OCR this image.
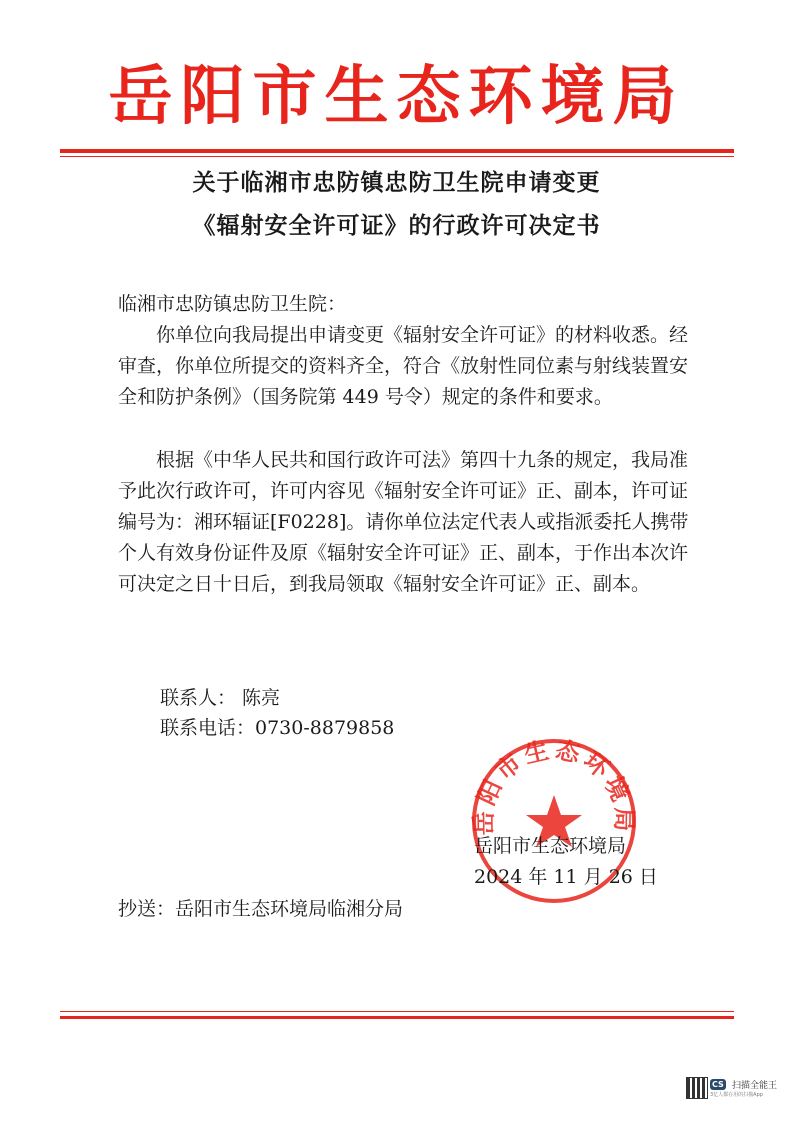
岳阳市生态环境局
关于临湘市忠防镇忠防卫生院申请变更
《辐射安全许可证》的行政许可决定书
临湘市忠防镇忠防卫生院：
你单位向我局提出申请变更《辐射安全许可证》的材料收悉。经审查，你单位所提交的资料齐全，符合《放射性同位素与射线装置安全和防护条例》（国务院第 449 号令）规定的条件和要求。
根据《中华人民共和国行政许可法》第四十九条的规定，我局准予此次行政许可，许可内容见《辐射安全许可证》正、副本，许可证编号为：湘环辐证[F0228]。请你单位法定代表人或指派委托人携带个人有效身份证件及原《辐射安全许可证》正、副本，于作出本次许可决定之日十日后，到我局领取《辐射安全许可证》正、副本。
联系人： 陈亮
联系电话：0730-8879858
岳阳市生态环境局
岳阳市生态环境局
2024 年 11 月 26 日
抄送：岳阳市生态环境局临湘分局
CS 扫描全能王
3亿人都在用的扫描App
